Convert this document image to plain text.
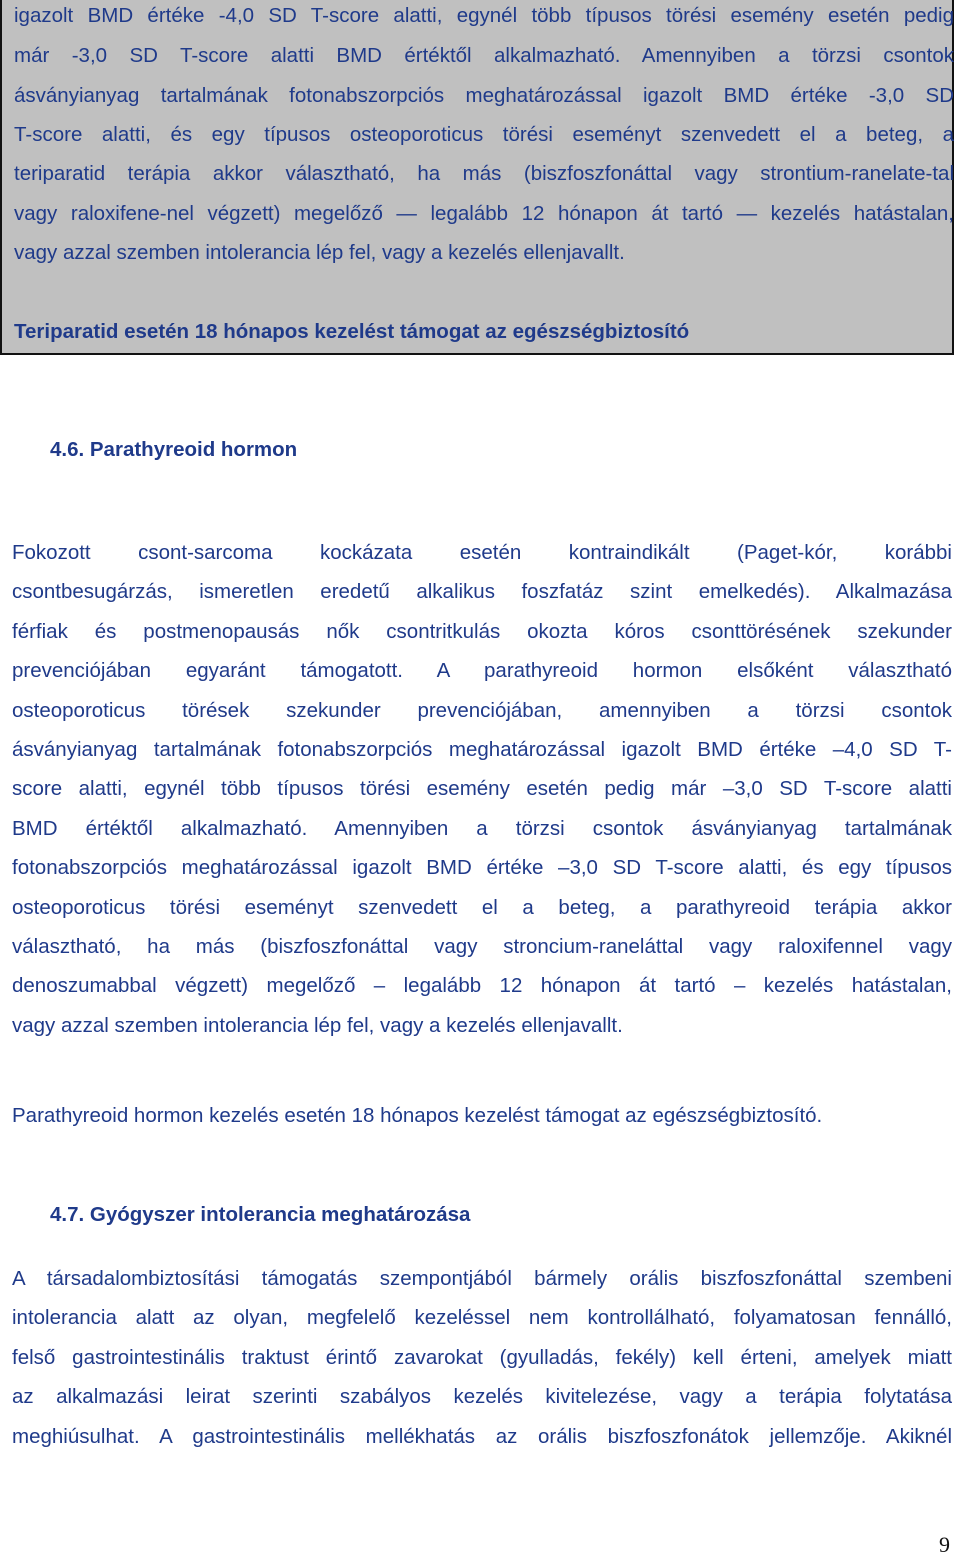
igazolt BMD értéke -4,0 SD T-score alatti, egynél több típusos törési esemény esetén pedig
már -3,0 SD T-score alatti BMD értéktől alkalmazható. Amennyiben a törzsi csontok
ásványianyag tartalmának fotonabszorpciós meghatározással igazolt BMD értéke -3,0 SD
T-score alatti, és egy típusos osteoporoticus törési eseményt szenvedett el a beteg, a
teriparatid terápia akkor választható, ha más (biszfoszfonáttal vagy strontium-ranelate-tal
vagy raloxifene-nel végzett) megelőző — legalább 12 hónapon át tartó — kezelés hatástalan,
vagy azzal szemben intolerancia lép fel, vagy a kezelés ellenjavallt.
Teriparatid esetén 18 hónapos kezelést támogat az egészségbiztosító
4.6. Parathyreoid hormon
Fokozott csont-sarcoma kockázata esetén kontraindikált (Paget-kór, korábbi
csontbesugárzás, ismeretlen eredetű alkalikus foszfatáz szint emelkedés). Alkalmazása
férfiak és postmenopausás nők csontritkulás okozta kóros csonttörésének szekunder
prevenciójában egyaránt támogatott. A parathyreoid hormon elsőként választható
osteoporoticus törések szekunder prevenciójában, amennyiben a törzsi csontok
ásványianyag tartalmának fotonabszorpciós meghatározással igazolt BMD értéke –4,0 SD T-
score alatti, egynél több típusos törési esemény esetén pedig már –3,0 SD T-score alatti
BMD értéktől alkalmazható. Amennyiben a törzsi csontok ásványianyag tartalmának
fotonabszorpciós meghatározással igazolt BMD értéke –3,0 SD T-score alatti, és egy típusos
osteoporoticus törési eseményt szenvedett el a beteg, a parathyreoid terápia akkor
választható, ha más (biszfoszfonáttal vagy stroncium-raneláttal vagy raloxifennel vagy
denoszumabbal végzett) megelőző – legalább 12 hónapon át tartó – kezelés hatástalan,
vagy azzal szemben intolerancia lép fel, vagy a kezelés ellenjavallt.
Parathyreoid hormon kezelés esetén 18 hónapos kezelést támogat az egészségbiztosító.
4.7. Gyógyszer intolerancia meghatározása
A társadalombiztosítási támogatás szempontjából bármely orális biszfoszfonáttal szembeni
intolerancia alatt az olyan, megfelelő kezeléssel nem kontrollálható, folyamatosan fennálló,
felső gastrointestinális traktust érintő zavarokat (gyulladás, fekély) kell érteni, amelyek miatt
az alkalmazási leirat szerinti szabályos kezelés kivitelezése, vagy a terápia folytatása
meghiúsulhat. A gastrointestinális mellékhatás az orális biszfoszfonátok jellemzője. Akiknél
9
